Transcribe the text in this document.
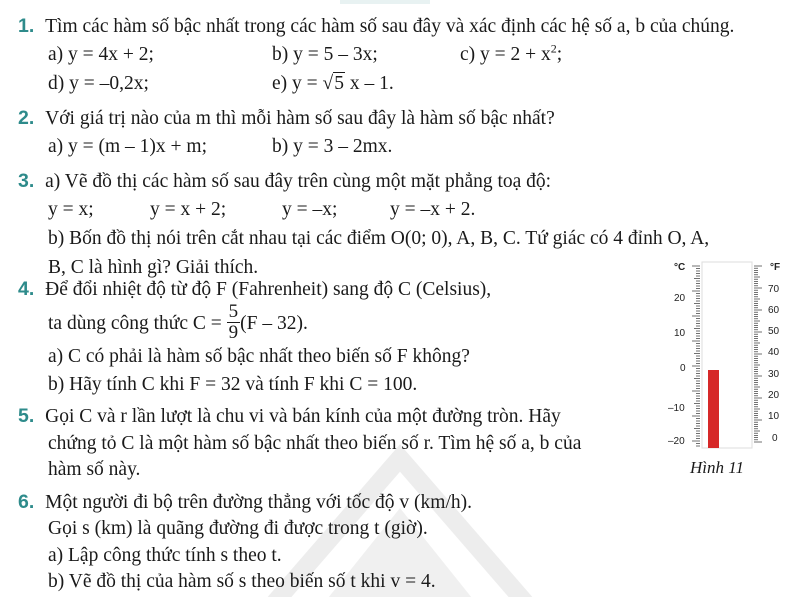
1. Tìm các hàm số bậc nhất trong các hàm số sau đây và xác định các hệ số a, b của chúng.
a) y = 4x + 2;	b) y = 5 – 3x;	c) $y = 2 + x^2$;
d) y = –0,2x;	e) y = √5 x – 1.
2. Với giá trị nào của m thì mỗi hàm số sau đây là hàm số bậc nhất?
a) y = (m – 1)x + m;	b) y = 3 – 2mx.
3. a) Vẽ đồ thị các hàm số sau đây trên cùng một mặt phẳng toạ độ:
y = x;	y = x + 2;	y = –x;	y = –x + 2.
b) Bốn đồ thị nói trên cắt nhau tại các điểm O(0; 0), A, B, C. Tứ giác có 4 đỉnh O, A,
B, C là hình gì? Giải thích.
4. Để đổi nhiệt độ từ độ F (Fahrenheit) sang độ C (Celsius),
ta dùng công thức $C = \frac{5}{9} (F - 32)$.
a) C có phải là hàm số bậc nhất theo biến số F không?
b) Hãy tính C khi F = 32 và tính F khi C = 100.
5. Gọi C và r lần lượt là chu vi và bán kính của một đường tròn. Hãy
chứng tỏ C là một hàm số bậc nhất theo biến số r. Tìm hệ số a, b của
hàm số này.
6. Một người đi bộ trên đường thẳng với tốc độ v (km/h).
Gọi s (km) là quãng đường đi được trong t (giờ).
a) Lập công thức tính s theo t.
b) Vẽ đồ thị của hàm số s theo biến số t khi v = 4.
°C	°F
20
10
0
–10
–20
70
60
50
40
30
20
10
0
Hình 11
